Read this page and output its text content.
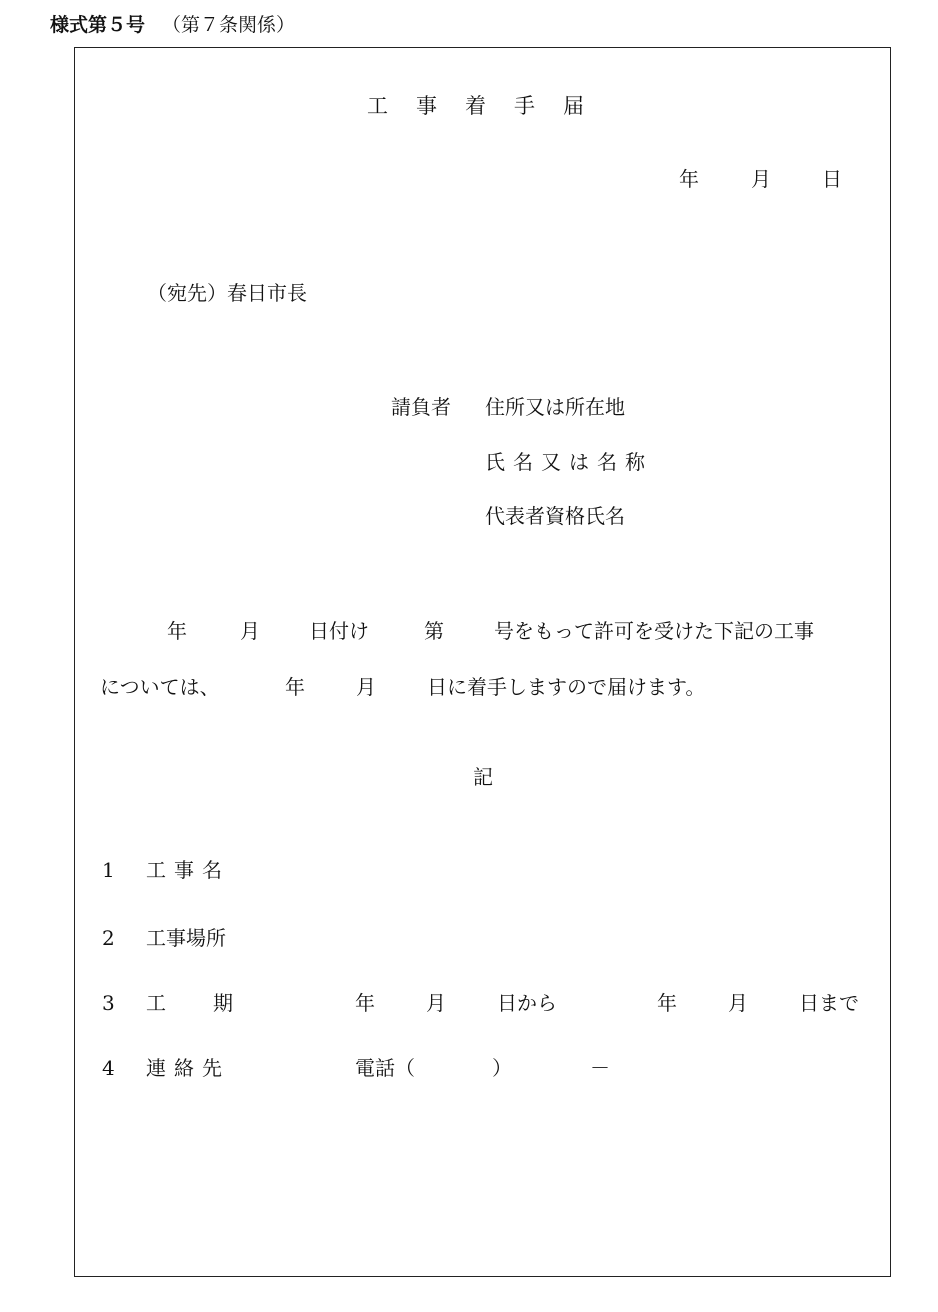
様式第５号 （第７条関係）
工事着手届
年	月	日
（宛先）春日市長
請負者 住所又は所在地
氏名又は名称
代表者資格氏名
年	月 日付け	第	号をもって許可を受けた下記の工事
については、	年	月	日に着手しますので届けます。
記
1 工事名
2 工事場所
3 工 期	年	月	日から	年	月	日まで
4 連絡先	電話（	）	－
